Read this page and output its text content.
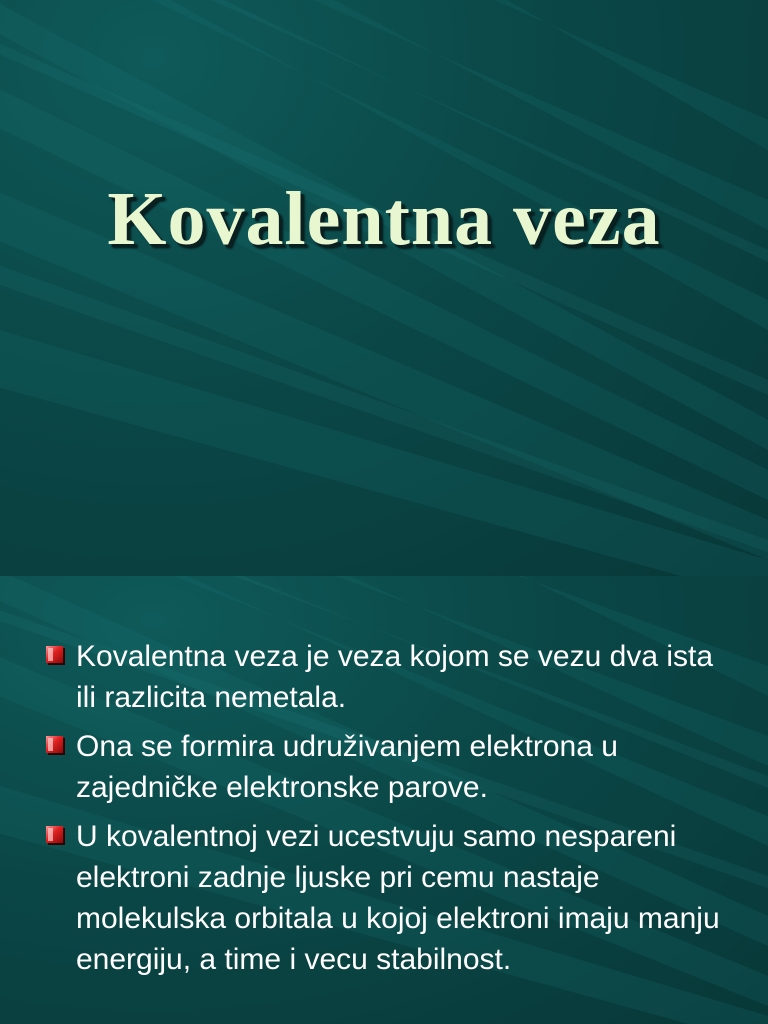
Kovalentna veza
Kovalentna veza je veza kojom se vezu dva ista ili razlicita nemetala.
Ona se formira udruživanjem elektrona u zajedničke elektronske parove.
U kovalentnoj vezi ucestvuju samo nespareni elektroni zadnje ljuske pri cemu nastaje molekulska orbitala u kojoj elektroni imaju manju energiju, a time i vecu stabilnost.
